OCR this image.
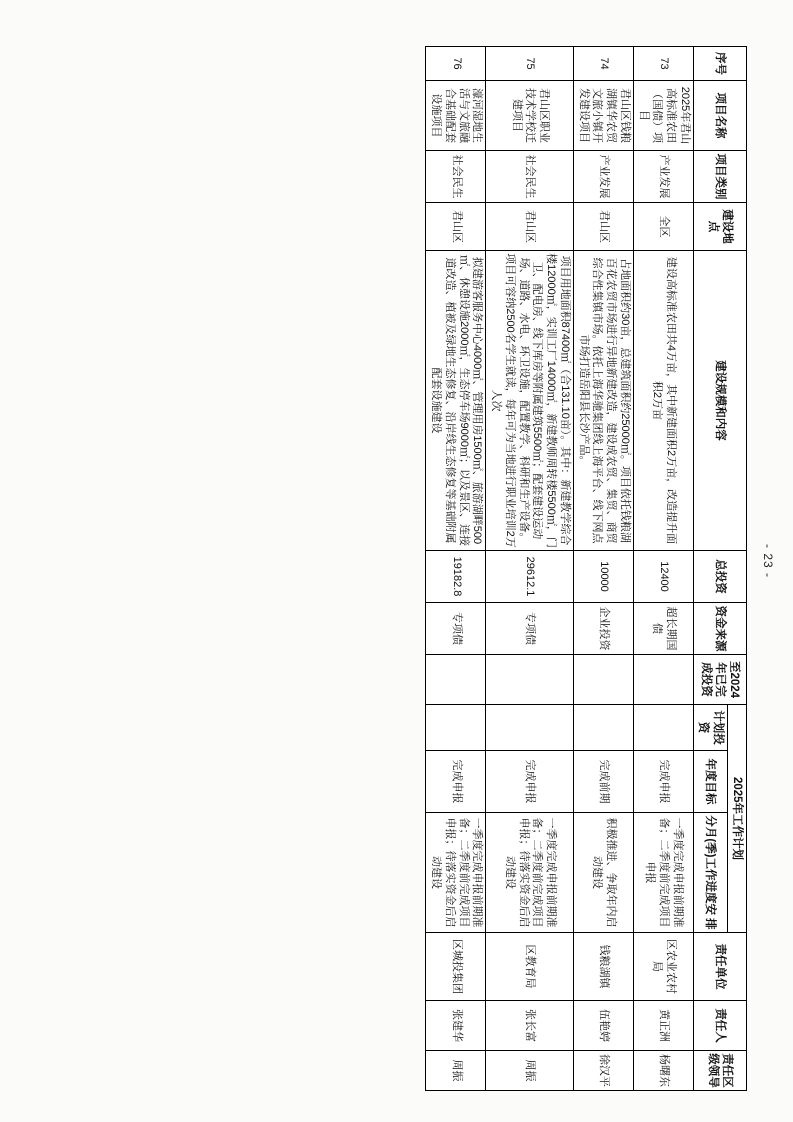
序号	项目名称	项目类别	建设地点	建设规模和内容	总投资	资金来源	至2024年已完成投资	2025年工作计划			责任单位	责任人	责任区级领导
								计划投资	年度目标	分月(季)工作进度安 排			
73	2025年君山高标准农田（国债）项目	产业发展	全区	建设高标准农田共4万亩，其中新建面积2万亩，改造提升面积2万亩	12400	超长期国债			完成申报	一季度完成申报前期准备；二季度前完成项目申报	区农业农村局	黄正洲	杨曙东
74	君山区钱粮湖镇华农贸文旅小镇开发建设项目	产业发展	君山区	占地面积约30亩，总建筑面积约25000㎡。项目依托钱粮湖百花农贸市场进行异地新建改造，建设成农贸、集贸、商贸综合性集镇市场。依托上海华驰集团线上海平台、线下网点市场打造岳阳县长沙产品。	10000	企业投资			完成前期	积极推进、争取年内启动建设	钱粮湖镇	伍艳婷	徐汉平
75	君山区职业技术学校迁建项目	社会民生	君山区	项目用地面积87400㎡（合131.10亩）。其中：新建教学综合楼12000㎡，实训工厂14000㎡，新建教师周转楼5500㎡，门卫、配电房、线下库房等附属建筑5500㎡；配套建设运动场、道路、水电、环卫设施，配置教学、科研和生产设备。项目可容纳2500名学生就读，每年可为当地进行职业培训2万人次	29612.1	专项债			完成申报	一季度完成申报前期准备；二季度前完成项目申报；待落实资金后启动建设	区教育局	张长富	周振
76	濠河湿地生活与文旅融合基础配套设施项目	社会民生	君山区	拟建游客服务中心4000㎡、管理用房1500㎡、旅游湖畔500㎡、休憩设施2000㎡，生态停车场9000㎡；以及景区、连接道改造、植被及绿地生态修复、沿岸线生态修复等基础附属配套设施建设	19182.8	专项债			完成申报	一季度完成申报前期准备；二季度前完成项目申报；待落实资金后启动建设	区城投集团	张建华	周振
- 23 -
